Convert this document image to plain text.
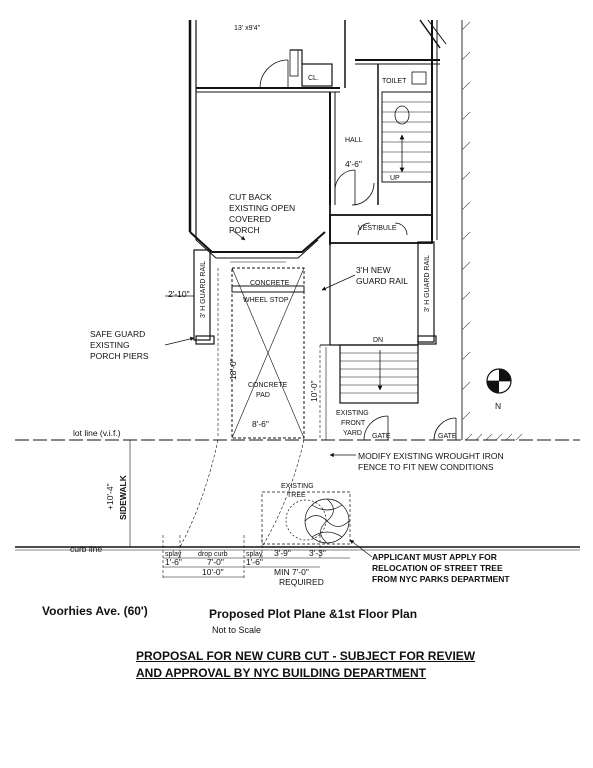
13' x9'4"
CL.	TOILET
HALL
4'-6"
UP
CUT BACK
EXISTING OPEN
COVERED
PORCH	VESTIBULE
3' H GUARD RAIL	3' H GUARD RAIL
3'H NEW
GUARD RAIL
2'-10"
CONCRETE
WHEEL STOP
18'-0"
CONCRETE
PAD
8'-6"
SAFE GUARD
EXISTING
PORCH PIERS
DN
10'-0"
EXISTING
FRONT
YARD GATE	GATE
N
lot line (v.i.f.)
MODIFY EXISTING WROUGHT IRON
FENCE TO FIT NEW CONDITIONS
+10'-4" SIDEWALK	EXISTING
TREE
curb line
splay drop curb	splay 3'-9" 3'-3"
1'-6"	7'-0"	1'-6"
10'-0"	MIN 7'-0"
REQUIRED
APPLICANT MUST APPLY FOR
RELOCATION OF STREET TREE
FROM NYC PARKS DEPARTMENT
Voorhies Ave. (60')	Proposed Plot Plane &1st Floor Plan
Not to Scale
PROPOSAL FOR NEW CURB CUT - SUBJECT FOR REVIEW
AND APPROVAL BY NYC BUILDING DEPARTMENT
